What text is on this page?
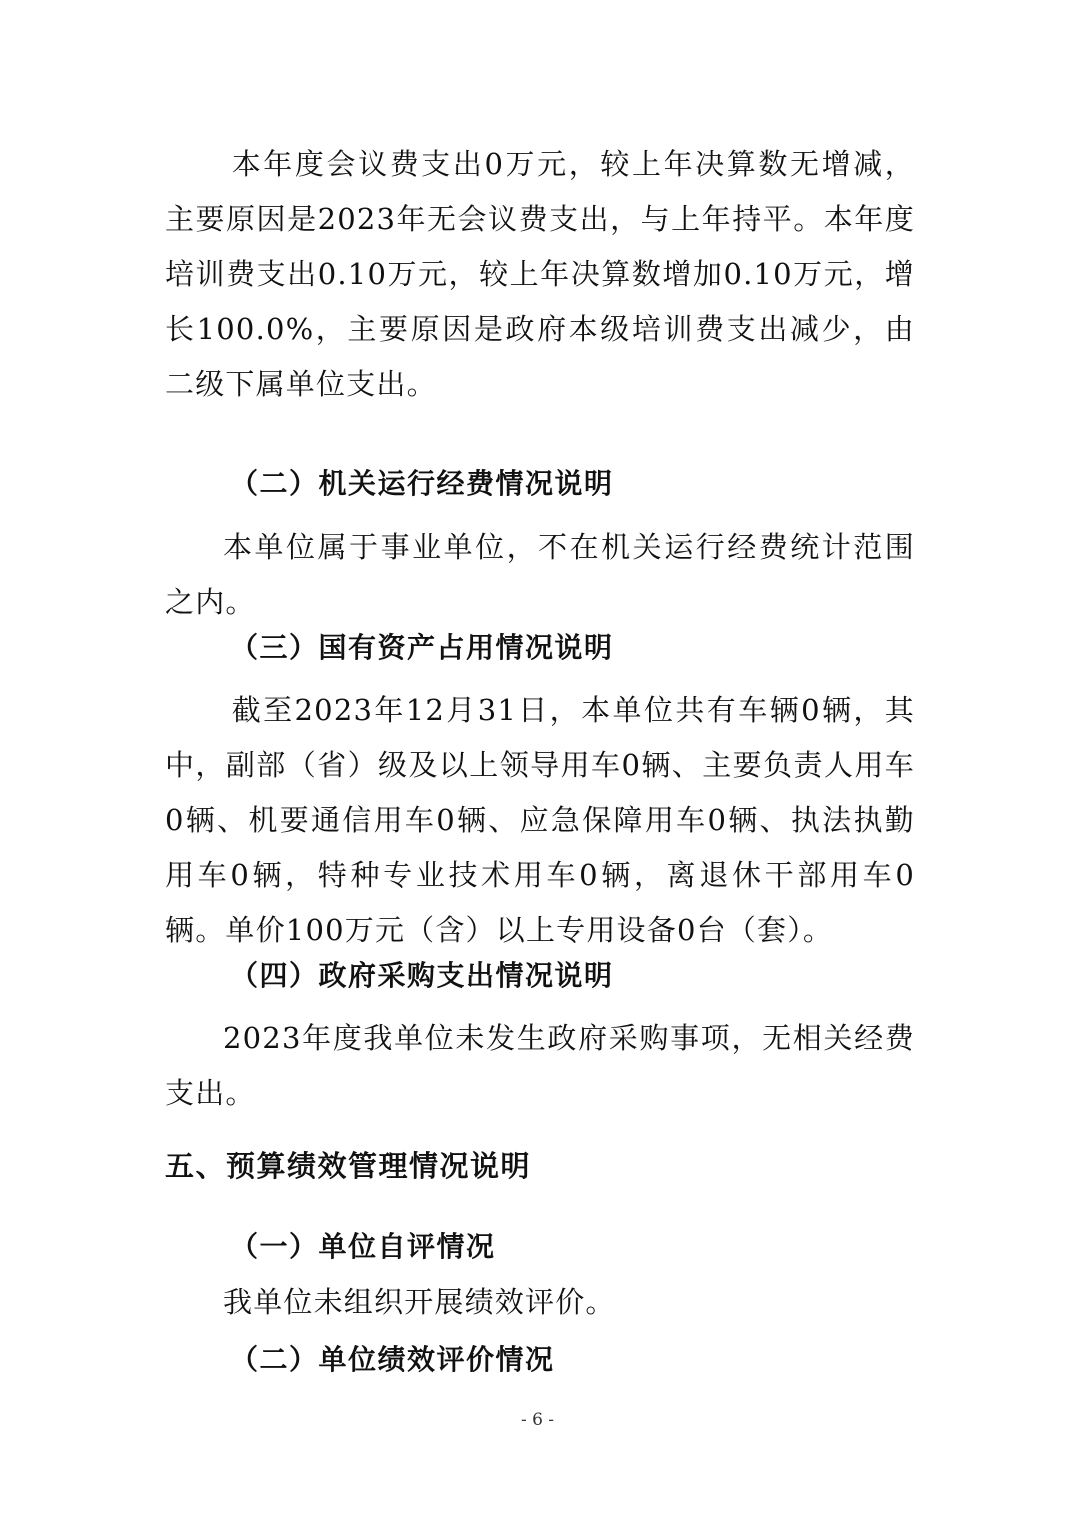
本年度会议费支出0万元，较上年决算数无增减，主要原因是2023年无会议费支出，与上年持平。本年度培训费支出0.10万元，较上年决算数增加0.10万元，增长100.0%，主要原因是政府本级培训费支出减少，由二级下属单位支出。
（二）机关运行经费情况说明
本单位属于事业单位，不在机关运行经费统计范围之内。
（三）国有资产占用情况说明
截至2023年12月31日，本单位共有车辆0辆，其中，副部（省）级及以上领导用车0辆、主要负责人用车0辆、机要通信用车0辆、应急保障用车0辆、执法执勤用车0辆，特种专业技术用车0辆，离退休干部用车0辆。单价100万元（含）以上专用设备0台（套）。
（四）政府采购支出情况说明
2023年度我单位未发生政府采购事项，无相关经费支出。
五、预算绩效管理情况说明
（一）单位自评情况
我单位未组织开展绩效评价。
（二）单位绩效评价情况
- 6 -
